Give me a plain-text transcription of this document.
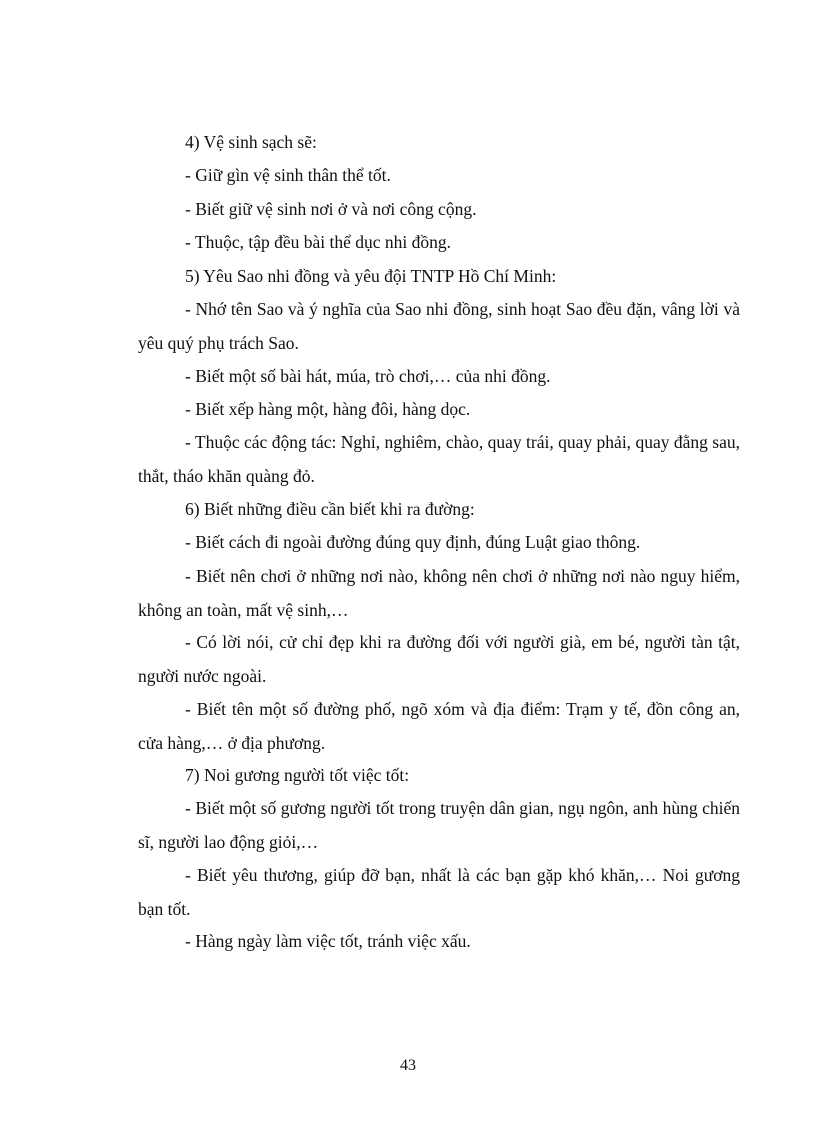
4) Vệ sinh sạch sẽ:

- Giữ gìn vệ sinh thân thể tốt.

- Biết giữ vệ sinh nơi ở và nơi công cộng.

- Thuộc, tập đều bài thể dục nhi đồng.

5) Yêu Sao nhi đồng và yêu đội TNTP Hồ Chí Minh:

- Nhớ tên Sao và ý nghĩa của Sao nhi đồng, sinh hoạt Sao đều đặn, vâng lời và yêu quý phụ trách Sao.

- Biết một số bài hát, múa, trò chơi,… của nhi đồng.

- Biết xếp hàng một, hàng đôi, hàng dọc.

- Thuộc các động tác: Nghỉ, nghiêm, chào, quay trái, quay phải, quay đằng sau, thắt, tháo khăn quàng đỏ.

6) Biết những điều cần biết khi ra đường:

- Biết cách đi ngoài đường đúng quy định, đúng Luật giao thông.

- Biết nên chơi ở những nơi nào, không nên chơi ở những nơi nào nguy hiểm, không an toàn, mất vệ sinh,…

- Có lời nói, cử chỉ đẹp khi ra đường đối với người già, em bé, người tàn tật, người nước ngoài.

- Biết tên một số đường phố, ngõ xóm và địa điểm: Trạm y tế, đồn công an, cửa hàng,… ở địa phương.

7) Noi gương người tốt việc tốt:

- Biết một số gương người tốt trong truyện dân gian, ngụ ngôn, anh hùng chiến sĩ, người lao động giỏi,…

- Biết yêu thương, giúp đỡ bạn, nhất là các bạn gặp khó khăn,… Noi gương bạn tốt.

- Hàng ngày làm việc tốt, tránh việc xấu.

43
